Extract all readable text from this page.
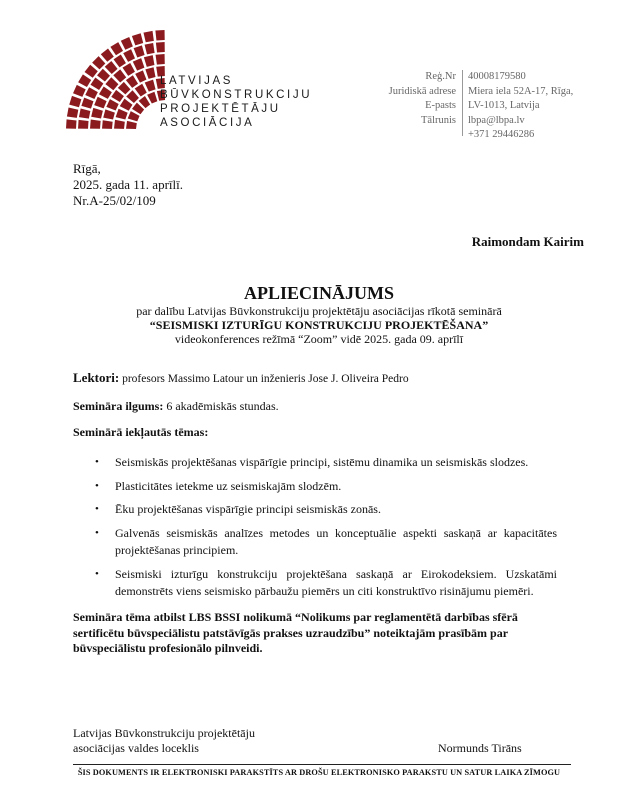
LATVIJAS
BŪVKONSTRUKCIJU
PROJEKTĒTĀJU
ASOCIĀCIJA
Reģ.Nr
Juridiskā adrese
E-pasts
Tālrunis
40008179580
Miera iela 52A-17, Rīga,
LV-1013, Latvija
lbpa@lbpa.lv
+371 29446286
Rīgā,
2025. gada 11. aprīlī.
Nr.A-25/02/109
Raimondam Kairim
APLIECINĀJUMS
par dalību Latvijas Būvkonstrukciju projektētāju asociācijas rīkotā seminārā
“SEISMISKI IZTURĪGU KONSTRUKCIJU PROJEKTĒŠANA”
videokonferences režīmā “Zoom” vidē 2025. gada 09. aprīlī
Lektori: profesors Massimo Latour un inženieris Jose J. Oliveira Pedro
Semināra ilgums: 6 akadēmiskās stundas.
Seminārā iekļautās tēmas:
• Seismiskās projektēšanas vispārīgie principi, sistēmu dinamika un seismiskās slodzes.
• Plasticitātes ietekme uz seismiskajām slodzēm.
• Ēku projektēšanas vispārīgie principi seismiskās zonās.
• Galvenās seismiskās analīzes metodes un konceptuālie aspekti saskaņā ar kapacitātes projektēšanas principiem.
• Seismiski izturīgu konstrukciju projektēšana saskaņā ar Eirokodeksiem. Uzskatāmi demonstrēts viens seismisko pārbaužu piemērs un citi konstruktīvo risinājumu piemēri.
Semināra tēma atbilst LBS BSSI nolikumā “Nolikums par reglamentētā darbības sfērā sertificētu būvspeciālistu patstāvīgās prakses uzraudzību” noteiktajām prasībām par būvspeciālistu profesionālo pilnveidi.
Latvijas Būvkonstrukciju projektētāju
asociācijas valdes loceklis	Normunds Tirāns
ŠIS DOKUMENTS IR ELEKTRONISKI PARAKSTĪTS AR DROŠU ELEKTRONISKO PARAKSTU UN SATUR LAIKA ZĪMOGU
